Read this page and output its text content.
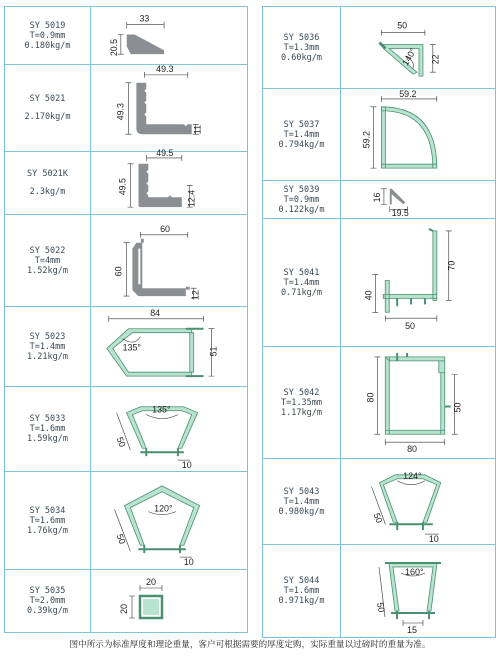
SY 5019
T=0.9mm
0.180kg/m
33
20.5
SY 5021
2.170kg/m
49.3
49.3
11
SY 5021K
2.3kg/m
49.5
49.5
12.4
SY 5022
T=4mm
1.52kg/m
60
60
12
SY 5023
T=1.4mm
1.21kg/m
84
135°	51
SY 5033
T=1.6mm
1.59kg/m
135°
50
10
SY 5034
T=1.6mm
1.76kg/m
120°
50
10
SY 5035
T=2.0mm
0.39kg/m
20
20
SY 5036
T=1.3mm
0.60kg/m
50
140° 22
SY 5037
T=1.4mm
0.794kg/m
59.2
59.2
SY 5039
T=0.9mm
0.122kg/m
16
19.5
SY 5041
T=1.4mm
0.71kg/m
70
40
50
SY 5042
T=1.35mm
1.17kg/m
80
50
80
SY 5043
T=1.4mm
0.980kg/m
124°
50
10
SY 5044
T=1.6mm
0.971kg/m
160°
50
15
图中所示为标准厚度和理论重量，客户可根据需要的厚度定购，实际重量以过磅时的重量为准。
